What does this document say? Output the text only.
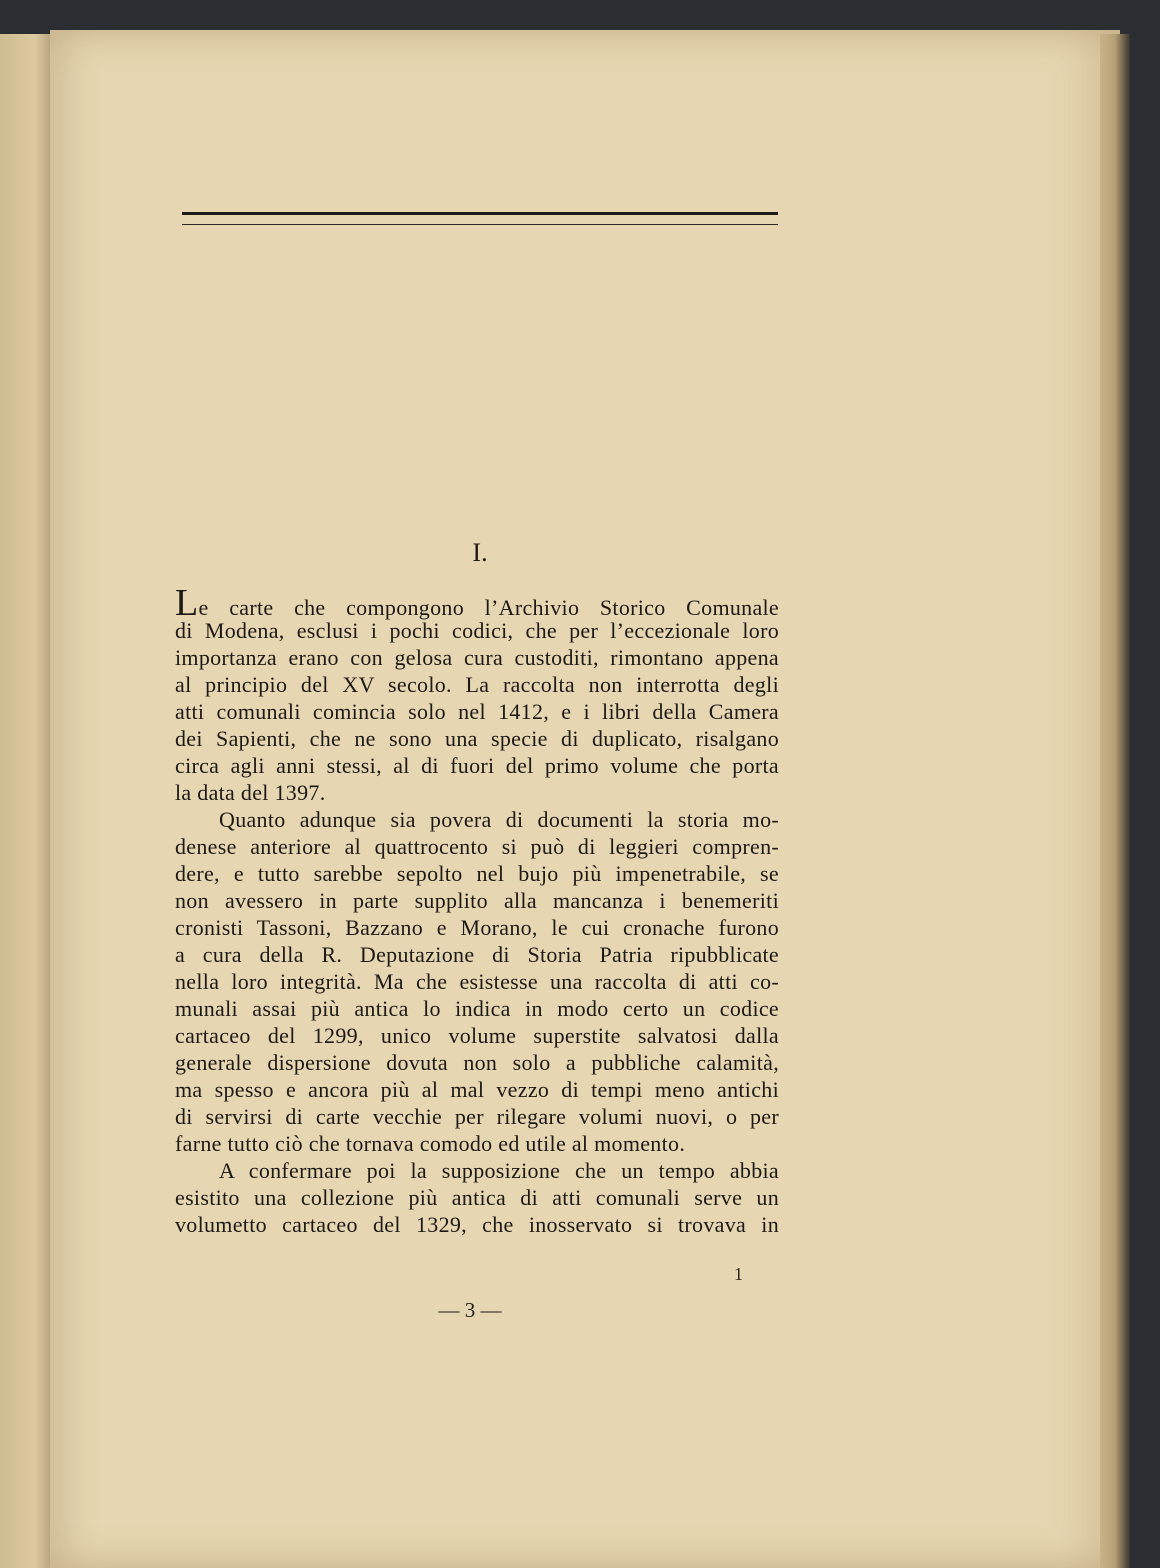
I.
Le carte che compongono l’Archivio Storico Comunale
di Modena, esclusi i pochi codici, che per l’eccezionale loro
importanza erano con gelosa cura custoditi, rimontano appena
al principio del XV secolo. La raccolta non interrotta degli
atti comunali comincia solo nel 1412, e i libri della Camera
dei Sapienti, che ne sono una specie di duplicato, risalgano
circa agli anni stessi, al di fuori del primo volume che porta
la data del 1397.
Quanto adunque sia povera di documenti la storia mo-
denese anteriore al quattrocento si può di leggieri compren-
dere, e tutto sarebbe sepolto nel bujo più impenetrabile, se
non avessero in parte supplito alla mancanza i benemeriti
cronisti Tassoni, Bazzano e Morano, le cui cronache furono
a cura della R. Deputazione di Storia Patria ripubblicate
nella loro integrità. Ma che esistesse una raccolta di atti co-
munali assai più antica lo indica in modo certo un codice
cartaceo del 1299, unico volume superstite salvatosi dalla
generale dispersione dovuta non solo a pubbliche calamità,
ma spesso e ancora più al mal vezzo di tempi meno antichi
di servirsi di carte vecchie per rilegare volumi nuovi, o per
farne tutto ciò che tornava comodo ed utile al momento.
A confermare poi la supposizione che un tempo abbia
esistito una collezione più antica di atti comunali serve un
volumetto cartaceo del 1329, che inosservato si trovava in
1
— 3 —
